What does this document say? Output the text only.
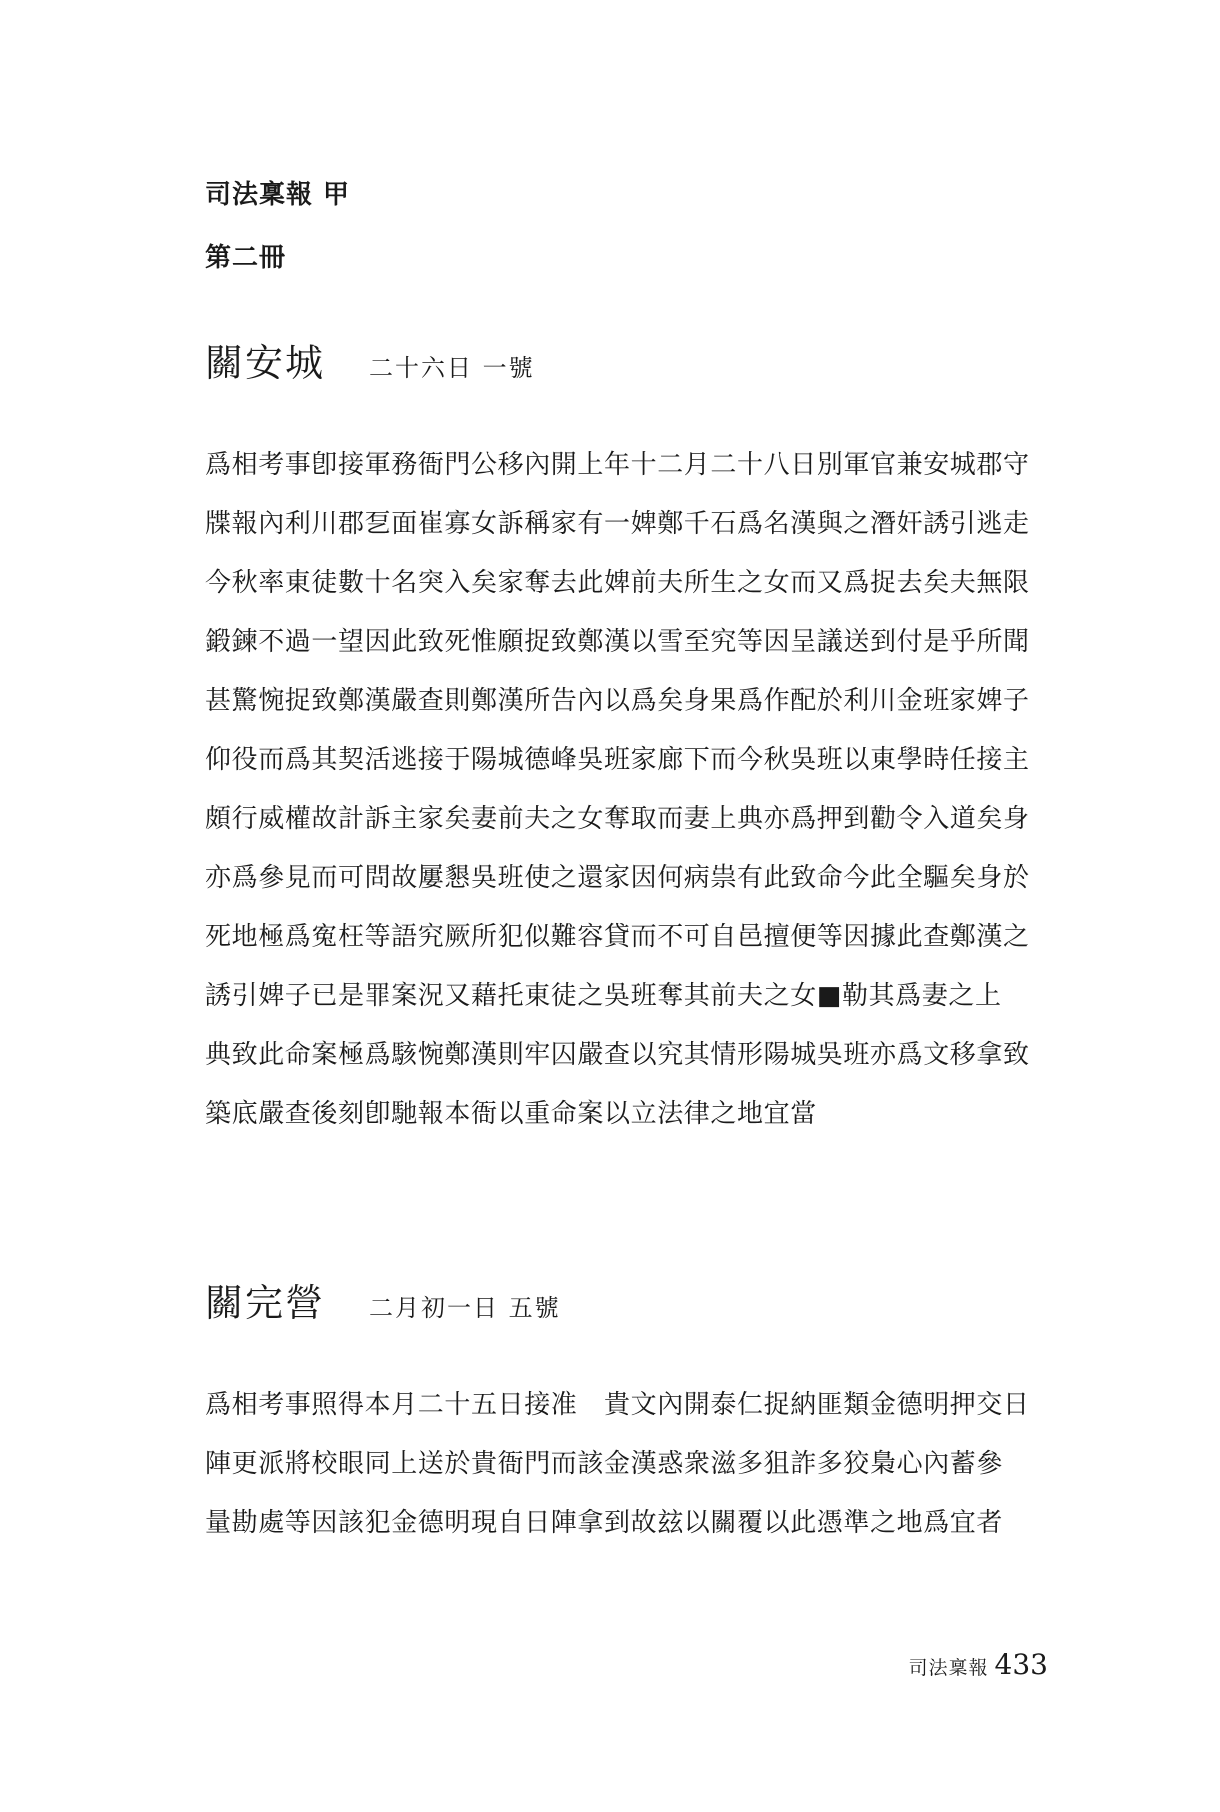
司法稟報 甲
第二冊
關安城 二十六日 一號
爲相考事卽接軍務衙門公移內開上年十二月二十八日別軍官兼安城郡守
牒報內利川郡乭面崔寡女訴稱家有一婢鄭千石爲名漢與之潛奸誘引逃走
今秋率東徒數十名突入矣家奪去此婢前夫所生之女而又爲捉去矣夫無限
鍛鍊不過一望因此致死惟願捉致鄭漢以雪至究等因呈議送到付是乎所聞
甚驚惋捉致鄭漢嚴查則鄭漢所告內以爲矣身果爲作配於利川金班家婢子
仰役而爲其契活逃接于陽城德峰吳班家廊下而今秋吳班以東學時任接主
頗行威權故計訴主家矣妻前夫之女奪取而妻上典亦爲押到勸令入道矣身
亦爲參見而可問故屢懇吳班使之還家因何病祟有此致命今此全驅矣身於
死地極爲寃枉等語究厥所犯似難容貸而不可自邑擅便等因據此查鄭漢之
誘引婢子已是罪案況又藉托東徒之吳班奪其前夫之女■勒其爲妻之上
典致此命案極爲駭惋鄭漢則牢囚嚴查以究其情形陽城吳班亦爲文移拿致
築底嚴查後刻卽馳報本衙以重命案以立法律之地宜當
關完營 二月初一日 五號
爲相考事照得本月二十五日接准　貴文內開泰仁捉納匪類金德明押交日
陣更派將校眼同上送於貴衙門而該金漢惑衆滋多狙詐多狡梟心內蓄參
量勘處等因該犯金德明現自日陣拿到故玆以關覆以此憑準之地爲宜者
司法稟報 433
